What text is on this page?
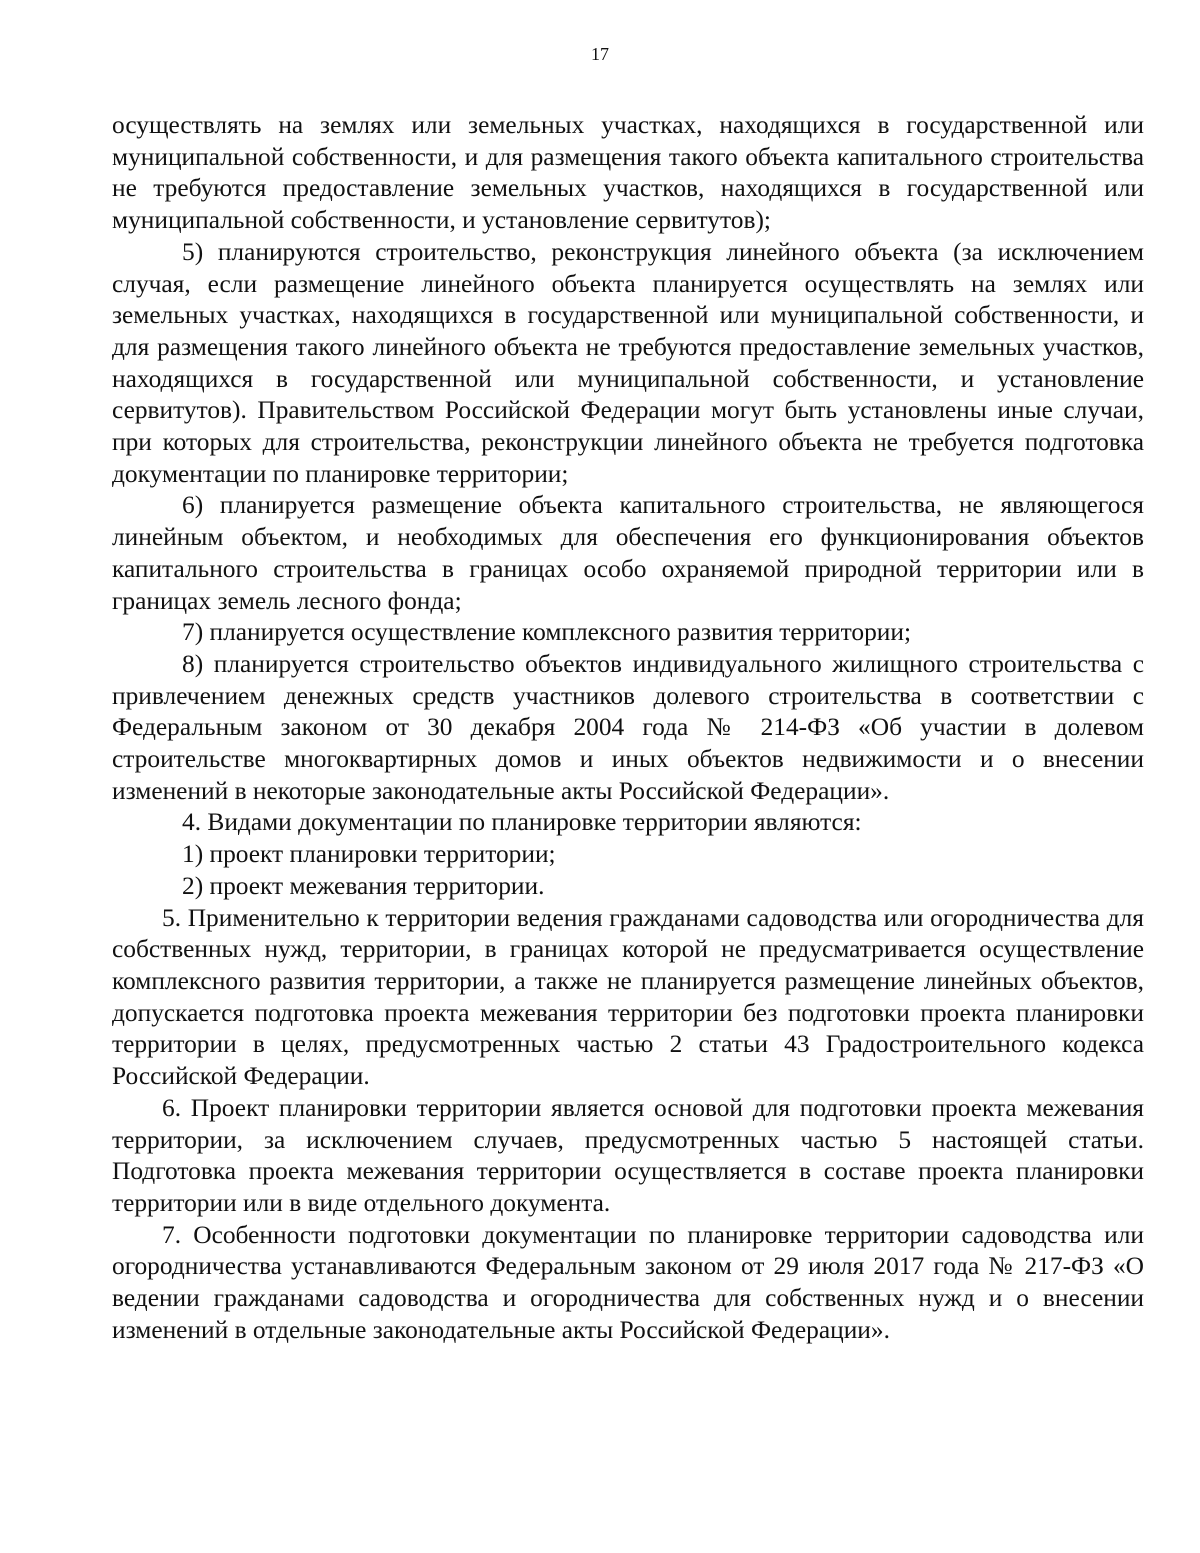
17

осуществлять на землях или земельных участках, находящихся в государственной или муниципальной собственности, и для размещения такого объекта капитального строительства не требуются предоставление земельных участков, находящихся в государственной или муниципальной собственности, и установление сервитутов);

5) планируются строительство, реконструкция линейного объекта (за исключением случая, если размещение линейного объекта планируется осуществлять на землях или земельных участках, находящихся в государственной или муниципальной собственности, и для размещения такого линейного объекта не требуются предоставление земельных участков, находящихся в государственной или муниципальной собственности, и установление сервитутов). Правительством Российской Федерации могут быть установлены иные случаи, при которых для строительства, реконструкции линейного объекта не требуется подготовка документации по планировке территории;

6) планируется размещение объекта капитального строительства, не являющегося линейным объектом, и необходимых для обеспечения его функционирования объектов капитального строительства в границах особо охраняемой природной территории или в границах земель лесного фонда;

7) планируется осуществление комплексного развития территории;

8) планируется строительство объектов индивидуального жилищного строительства с привлечением денежных средств участников долевого строительства в соответствии с Федеральным законом от 30 декабря 2004 года № 214-ФЗ «Об участии в долевом строительстве многоквартирных домов и иных объектов недвижимости и о внесении изменений в некоторые законодательные акты Российской Федерации».

4. Видами документации по планировке территории являются:

1) проект планировки территории;

2) проект межевания территории.

5. Применительно к территории ведения гражданами садоводства или огородничества для собственных нужд, территории, в границах которой не предусматривается осуществление комплексного развития территории, а также не планируется размещение линейных объектов, допускается подготовка проекта межевания территории без подготовки проекта планировки территории в целях, предусмотренных частью 2 статьи 43 Градостроительного кодекса Российской Федерации.

6. Проект планировки территории является основой для подготовки проекта межевания территории, за исключением случаев, предусмотренных частью 5 настоящей статьи. Подготовка проекта межевания территории осуществляется в составе проекта планировки территории или в виде отдельного документа.

7. Особенности подготовки документации по планировке территории садоводства или огородничества устанавливаются Федеральным законом от 29 июля 2017 года № 217-ФЗ «О ведении гражданами садоводства и огородничества для собственных нужд и о внесении изменений в отдельные законодательные акты Российской Федерации».
